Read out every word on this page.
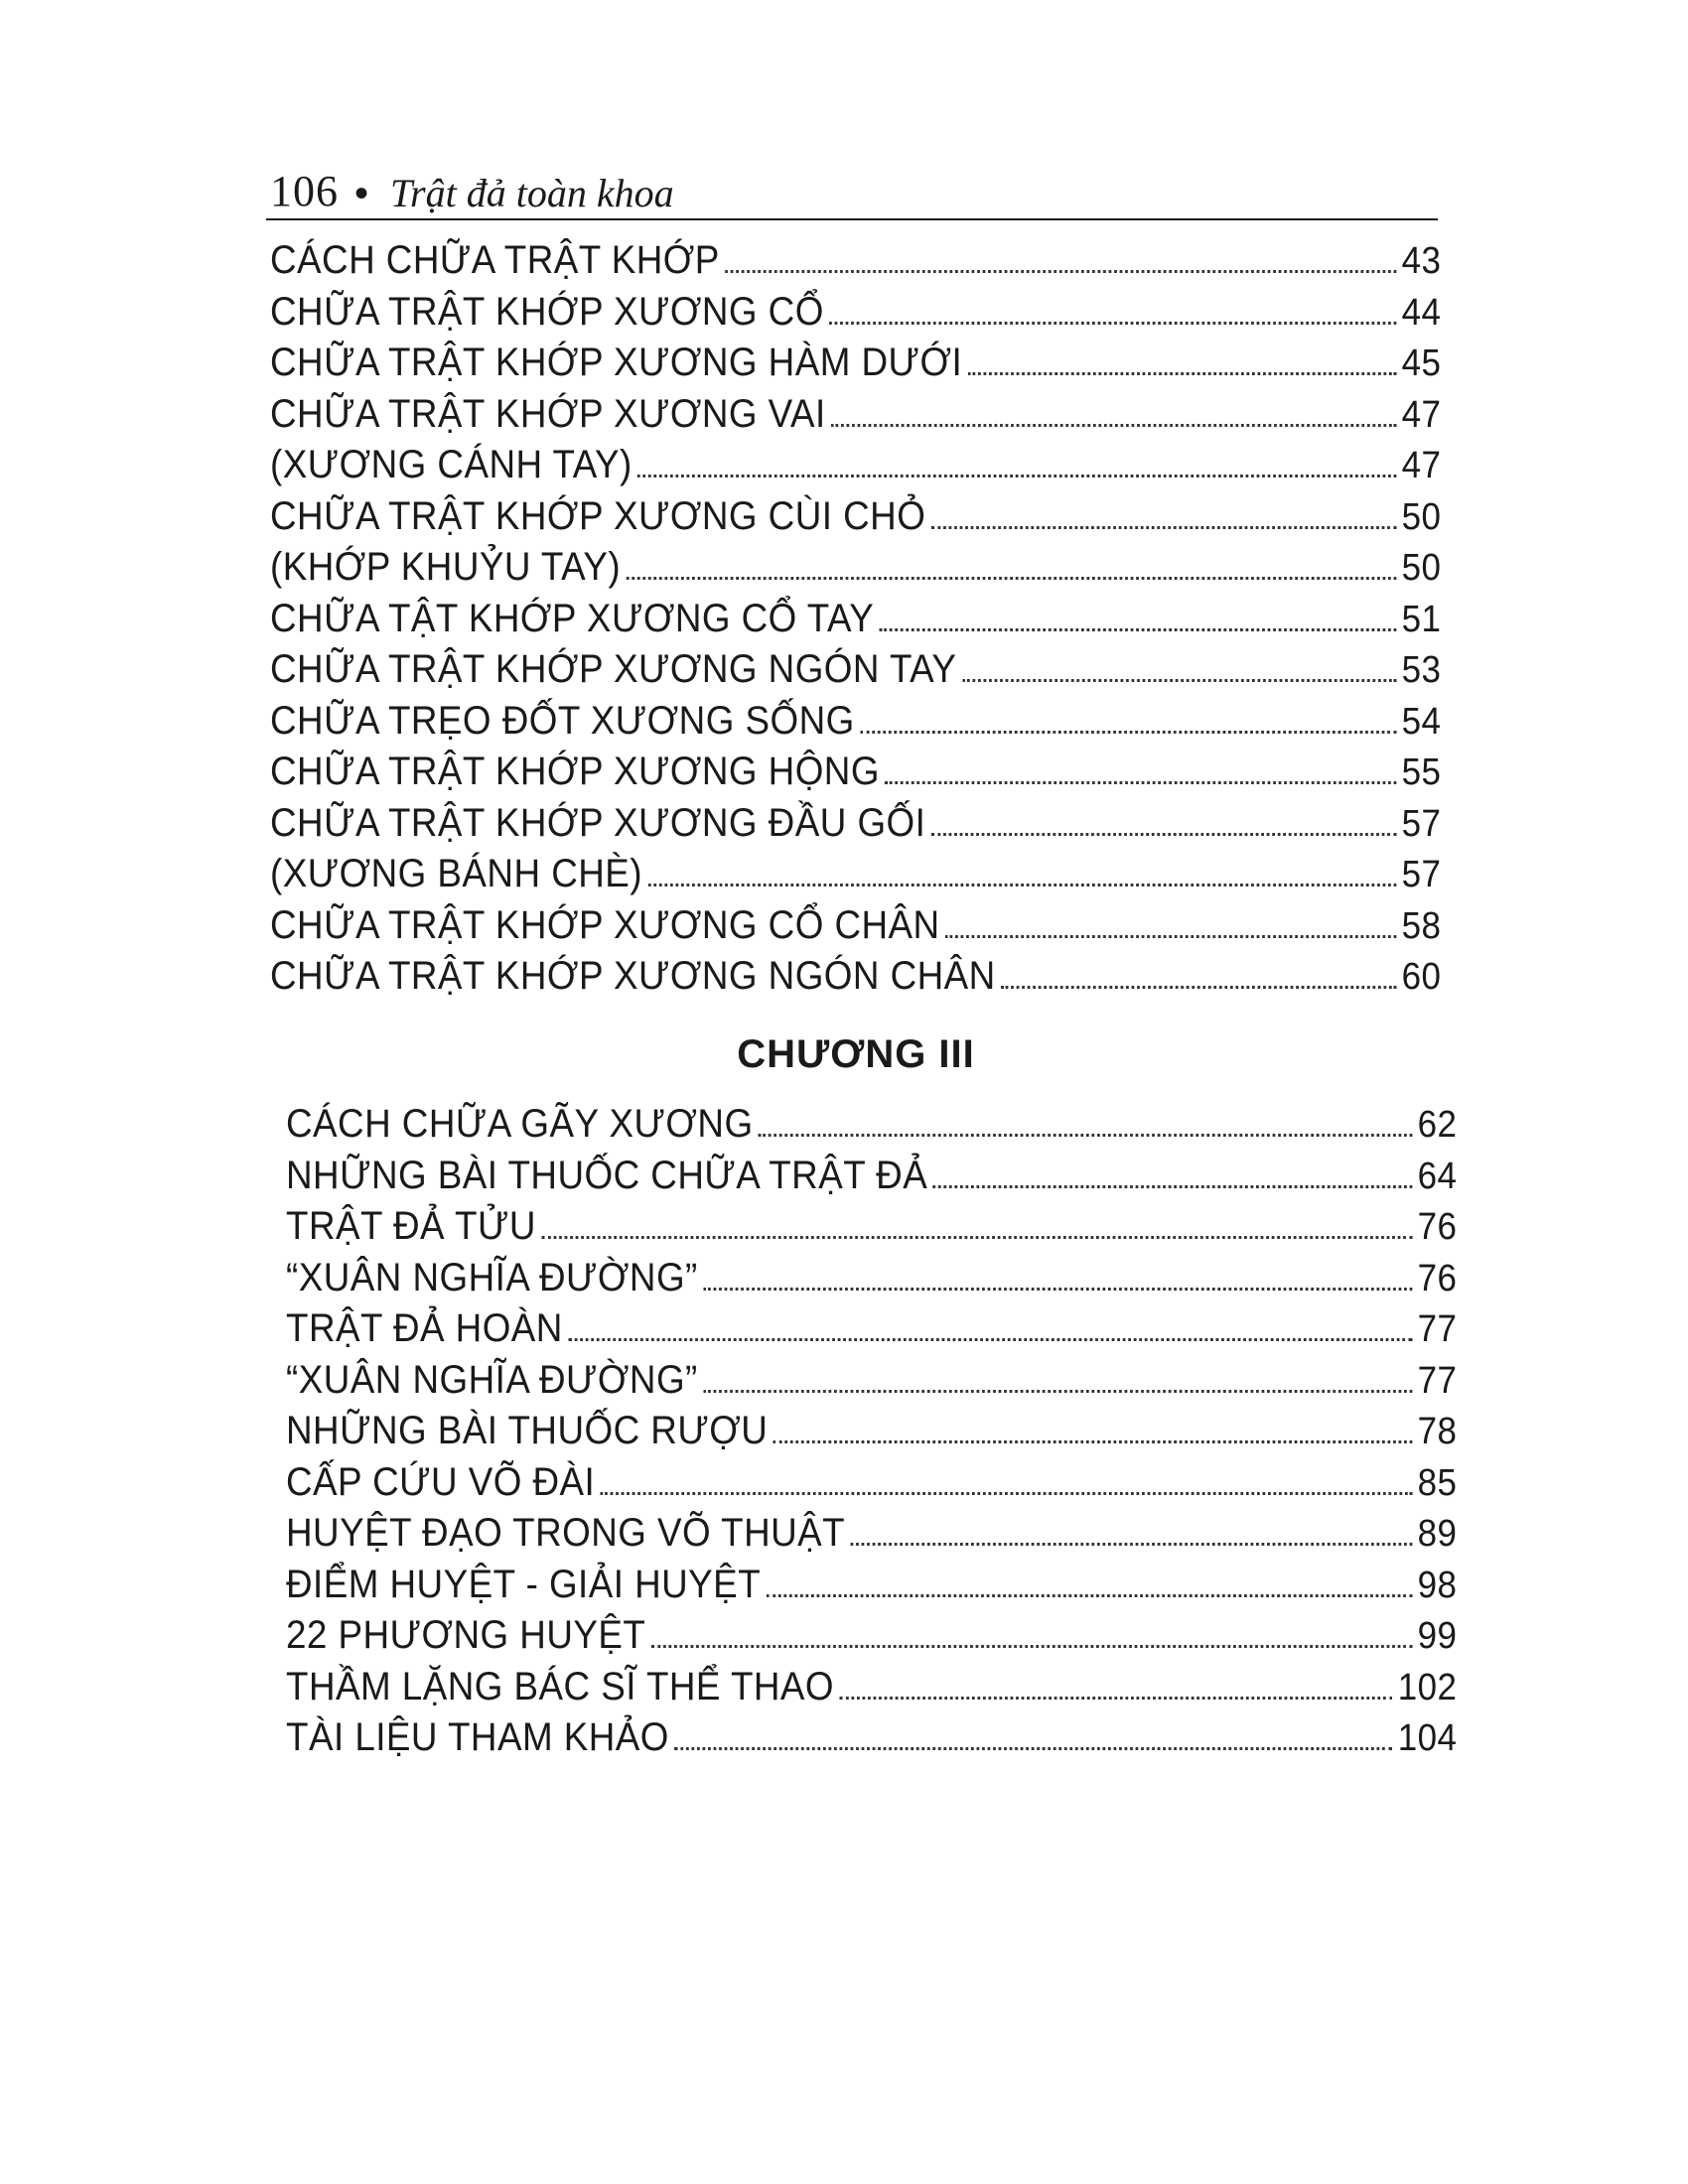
106 • Trật đả toàn khoa
CÁCH CHỮA TRẬT KHỚP	43
CHỮA TRẬT KHỚP XƯƠNG CỔ	44
CHỮA TRẬT KHỚP XƯƠNG HÀM DƯỚI	45
CHỮA TRẬT KHỚP XƯƠNG VAI	47
(XƯƠNG CÁNH TAY)	47
CHỮA TRẬT KHỚP XƯƠNG CÙI CHỎ	50
(KHỚP KHUỶU TAY)	50
CHỮA TẬT KHỚP XƯƠNG CỔ TAY	51
CHỮA TRẬT KHỚP XƯƠNG NGÓN TAY	53
CHỮA TRẸO ĐỐT XƯƠNG SỐNG	54
CHỮA TRẬT KHỚP XƯƠNG HỘNG	55
CHỮA TRẬT KHỚP XƯƠNG ĐẦU GỐI	57
(XƯƠNG BÁNH CHÈ)	57
CHỮA TRẬT KHỚP XƯƠNG CỔ CHÂN	58
CHỮA TRẬT KHỚP XƯƠNG NGÓN CHÂN	60
CHƯƠNG III
CÁCH CHỮA GÃY XƯƠNG	62
NHỮNG BÀI THUỐC CHỮA TRẬT ĐẢ	64
TRẬT ĐẢ TỬU	76
“XUÂN NGHĨA ĐƯỜNG”	76
TRẬT ĐẢ HOÀN	77
“XUÂN NGHĨA ĐƯỜNG”	77
NHỮNG BÀI THUỐC RƯỢU	78
CẤP CỨU VÕ ĐÀI	85
HUYỆT ĐẠO TRONG VÕ THUẬT	89
ĐIỂM HUYỆT - GIẢI HUYỆT	98
22 PHƯƠNG HUYỆT	99
THẦM LẶNG BÁC SĨ THỂ THAO	102
TÀI LIỆU THAM KHẢO	104
